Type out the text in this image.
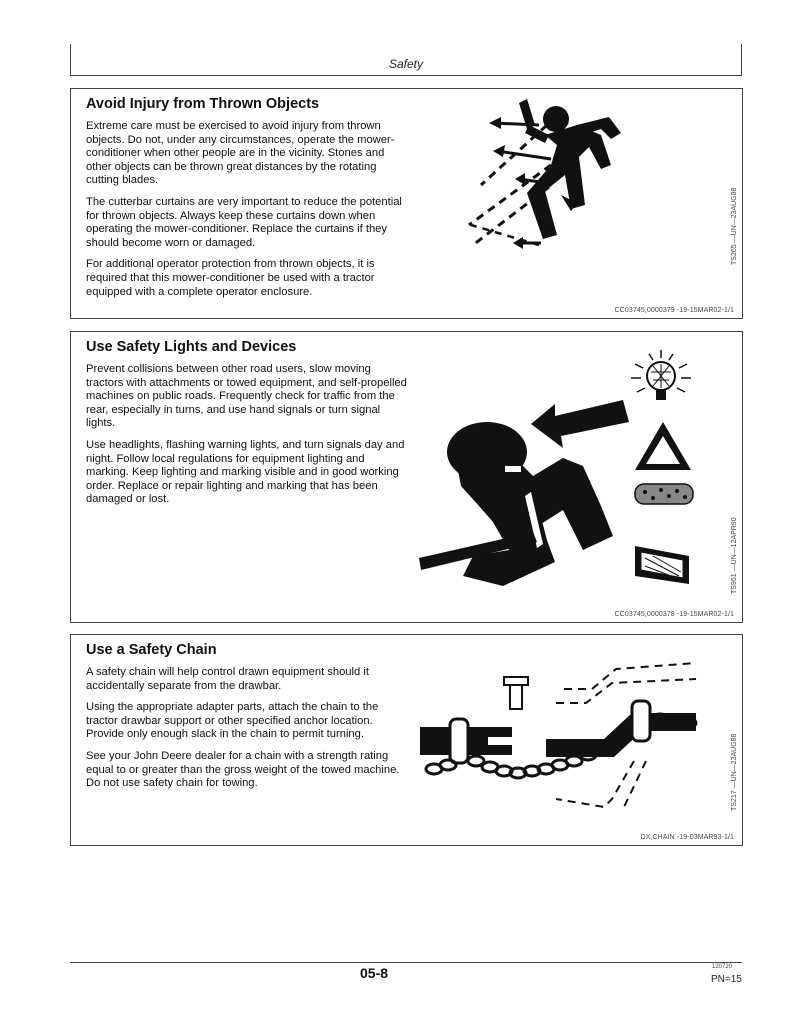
Safety
Avoid Injury from Thrown Objects

Extreme care must be exercised to avoid injury from thrown objects. Do not, under any circumstances, operate the mower-conditioner when other people are in the vicinity. Stones and other objects can be thrown great distances by the rotating cutting blades.

The cutterbar curtains are very important to reduce the potential for thrown objects. Always keep these curtains down when operating the mower-conditioner. Replace the curtains if they should become worn or damaged.

For additional operator protection from thrown objects, it is required that this mower-conditioner be used with a tractor equipped with a complete operator enclosure.

TS265 —UN—23AUG88
CC03745,0000379 -19-15MAR02-1/1
Use Safety Lights and Devices

Prevent collisions between other road users, slow moving tractors with attachments or towed equipment, and self-propelled machines on public roads. Frequently check for traffic from the rear, especially in turns, and use hand signals or turn signal lights.

Use headlights, flashing warning lights, and turn signals day and night. Follow local regulations for equipment lighting and marking. Keep lighting and marking visible and in good working order. Replace or repair lighting and marking that has been damaged or lost.

TS951 —UN—12APR90
CC03745,0000378 -19-15MAR02-1/1
Use a Safety Chain

A safety chain will help control drawn equipment should it accidentally separate from the drawbar.

Using the appropriate adapter parts, attach the chain to the tractor drawbar support or other specified anchor location. Provide only enough slack in the chain to permit turning.

See your John Deere dealer for a chain with a strength rating equal to or greater than the gross weight of the towed machine. Do not use safety chain for towing.	TS217 —UN—23AUG88
DX,CHAIN -19-03MAR93-1/1
05-8	120720
PN=15
